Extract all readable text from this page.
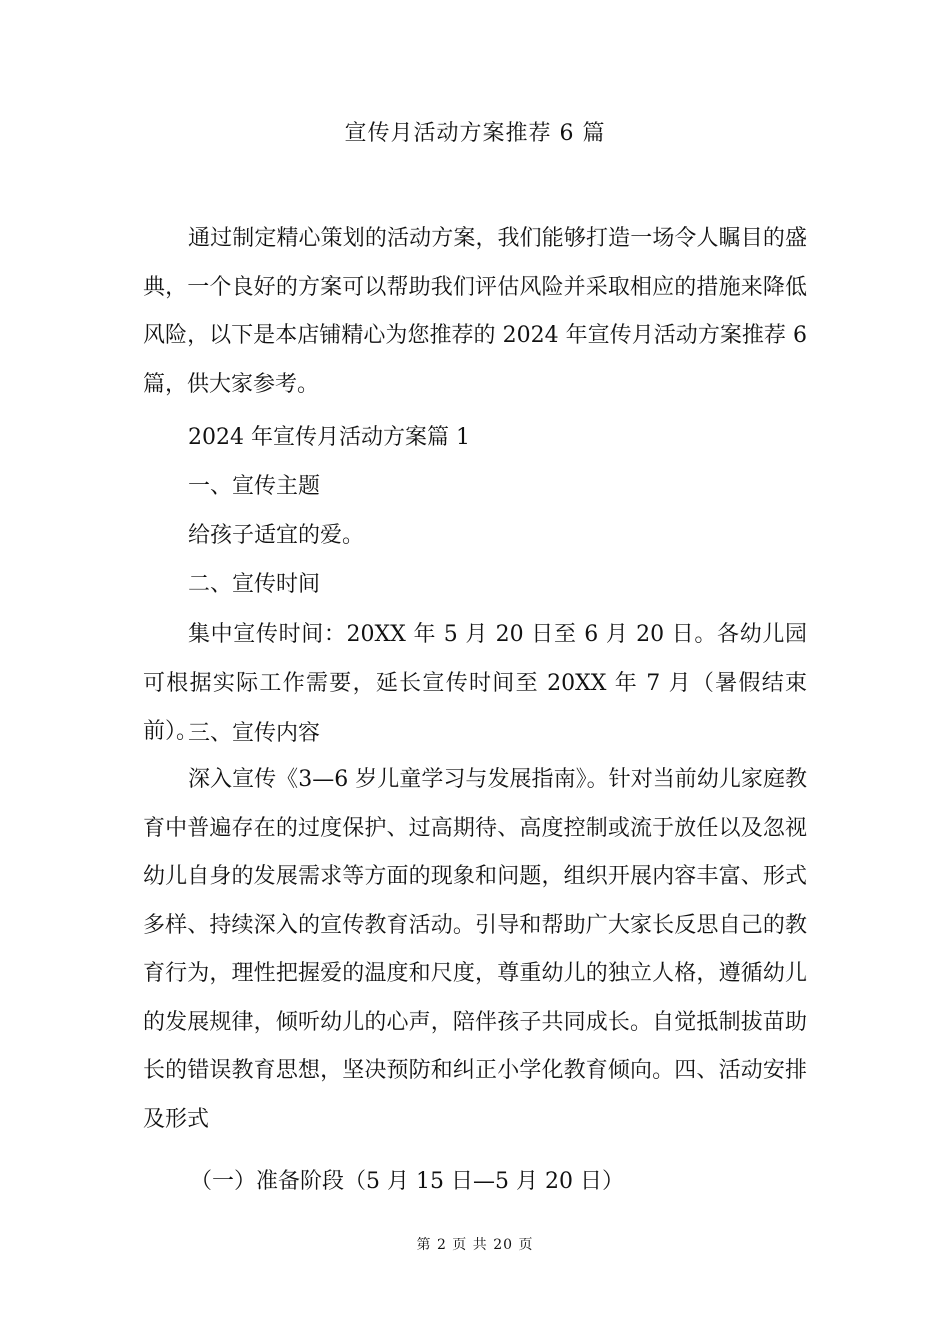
宣传月活动方案推荐 6 篇
通过制定精心策划的活动方案，我们能够打造一场令人瞩目的盛典，一个良好的方案可以帮助我们评估风险并采取相应的措施来降低风险，以下是本店铺精心为您推荐的 2024 年宣传月活动方案推荐 6 篇，供大家参考。
2024 年宣传月活动方案篇 1
一、宣传主题
给孩子适宜的爱。
二、宣传时间
集中宣传时间：20XX 年 5 月 20 日至 6 月 20 日。各幼儿园可根据实际工作需要，延长宣传时间至 20XX 年 7 月（暑假结束前）。
三、宣传内容
深入宣传《3—6 岁儿童学习与发展指南》。针对当前幼儿家庭教育中普遍存在的过度保护、过高期待、高度控制或流于放任以及忽视幼儿自身的发展需求等方面的现象和问题，组织开展内容丰富、形式多样、持续深入的宣传教育活动。引导和帮助广大家长反思自己的教育行为，理性把握爱的温度和尺度，尊重幼儿的独立人格，遵循幼儿的发展规律，倾听幼儿的心声，陪伴孩子共同成长。自觉抵制拔苗助长的错误教育思想，坚决预防和纠正小学化教育倾向。四、活动安排及形式
（一）准备阶段（5 月 15 日—5 月 20 日）
第 2 页 共 20 页
